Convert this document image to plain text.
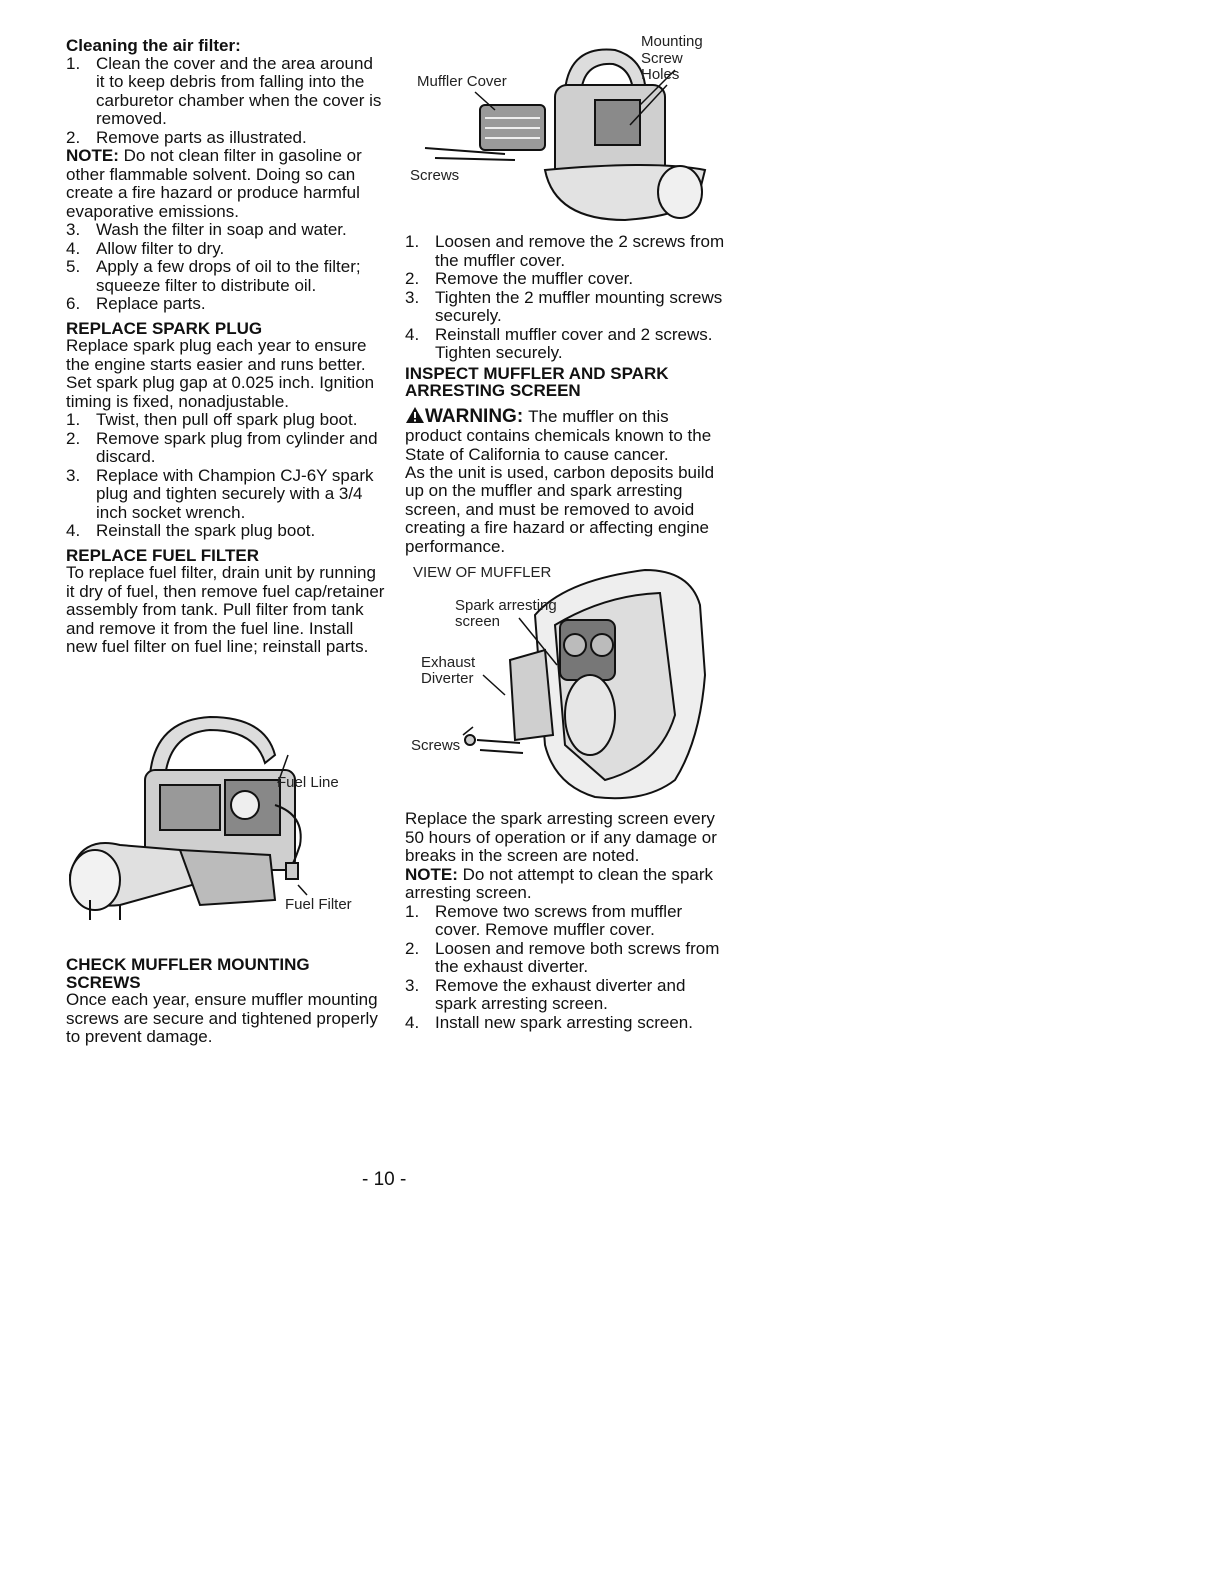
Cleaning the air filter:
1. Clean the cover and the area around it to keep debris from falling into the carburetor chamber when the cover is removed.
2. Remove parts as illustrated.

NOTE: Do not clean filter in gasoline or other flammable solvent. Doing so can create a fire hazard or produce harmful evaporative emissions.

3. Wash the filter in soap and water.
4. Allow filter to dry.
5. Apply a few drops of oil to the filter; squeeze filter to distribute oil.
6. Replace parts.
REPLACE SPARK PLUG

Replace spark plug each year to ensure the engine starts easier and runs better. Set spark plug gap at 0.025 inch. Ignition timing is fixed, nonadjustable.

1. Twist, then pull off spark plug boot.
2. Remove spark plug from cylinder and discard.
3. Replace with Champion CJ-6Y spark plug and tighten securely with a 3/4 inch socket wrench.
4. Reinstall the spark plug boot.
REPLACE FUEL FILTER

To replace fuel filter, drain unit by running it dry of fuel, then remove fuel cap/retainer assembly from tank. Pull filter from tank and remove it from the fuel line. Install new fuel filter on fuel line; reinstall parts.

Fuel Line
Fuel Filter
CHECK MUFFLER MOUNTING SCREWS

Once each year, ensure muffler mounting screws are secure and tightened properly to prevent damage.

Mounting Screw Holes
Muffler Cover
Screws
1. Loosen and remove the 2 screws from the muffler cover.
2. Remove the muffler cover.
3. Tighten the 2 muffler mounting screws securely.
4. Reinstall muffler cover and 2 screws. Tighten securely.
INSPECT MUFFLER AND SPARK ARRESTING SCREEN

WARNING: The muffler on this product contains chemicals known to the State of California to cause cancer.

As the unit is used, carbon deposits build up on the muffler and spark arresting screen, and must be removed to avoid creating a fire hazard or affecting engine performance.

VIEW OF MUFFLER
Spark arresting screen
Exhaust Diverter
Screws

Replace the spark arresting screen every 50 hours of operation or if any damage or breaks in the screen are noted.

NOTE: Do not attempt to clean the spark arresting screen.

1. Remove two screws from muffler cover. Remove muffler cover.
2. Loosen and remove both screws from the exhaust diverter.
3. Remove the exhaust diverter and spark arresting screen.
4. Install new spark arresting screen.
- 10 -
